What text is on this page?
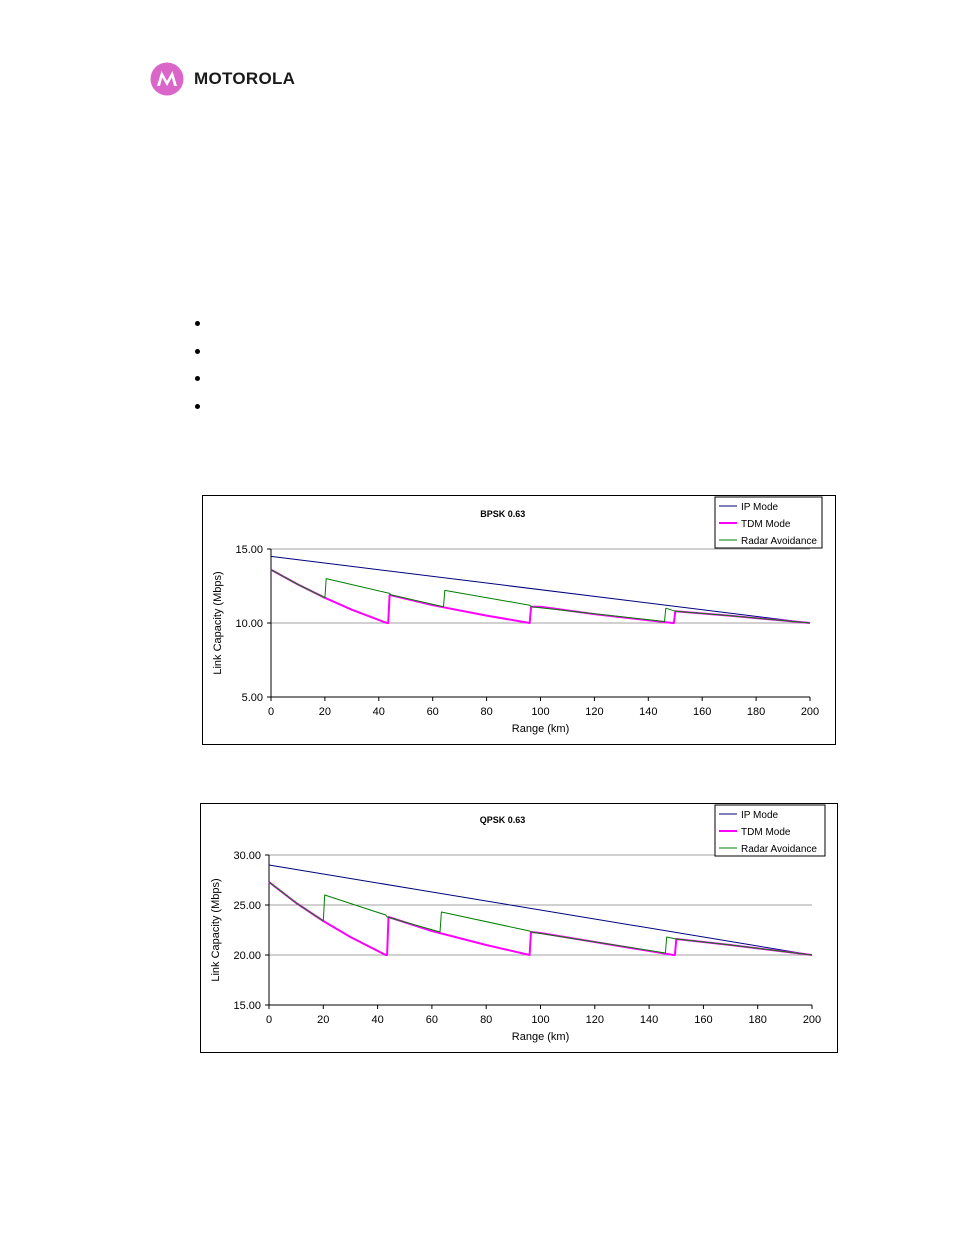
MOTOROLA
5.00
10.00
15.00
0	20	40	60	80	100	120	140	160	180	200
BPSK 0.63
Range (km)
Link Capacity (Mbps)
IP Mode
TDM Mode
Radar Avoidance
15.00
20.00
25.00
30.00
0	20	40	60	80	100	120	140	160	180	200
QPSK 0.63
Range (km)
Link Capacity (Mbps)
IP Mode
TDM Mode
Radar Avoidance
